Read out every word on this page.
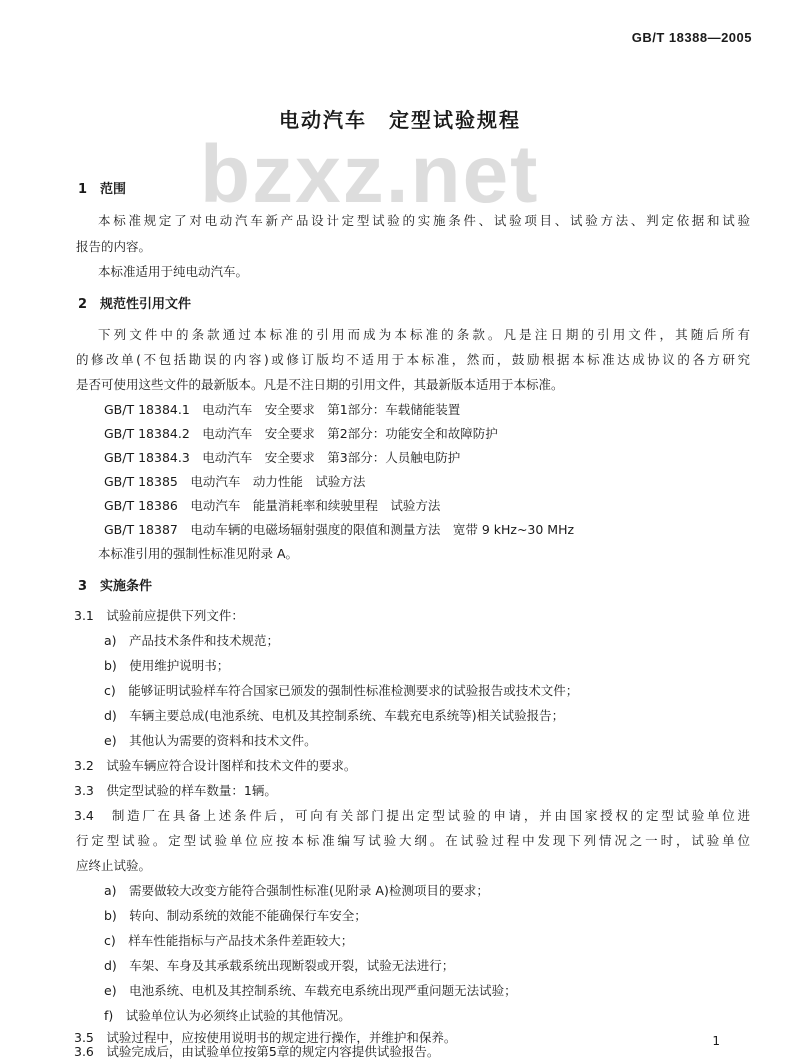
GB/T 18388—2005
电动汽车　定型试验规程
bzxz.net
1　范围
本标准规定了对电动汽车新产品设计定型试验的实施条件、试验项目、试验方法、判定依据和试验
报告的内容。
本标准适用于纯电动汽车。
2　规范性引用文件
下列文件中的条款通过本标准的引用而成为本标准的条款。凡是注日期的引用文件，其随后所有
的修改单(不包括勘误的内容)或修订版均不适用于本标准，然而，鼓励根据本标准达成协议的各方研究
是否可使用这些文件的最新版本。凡是不注日期的引用文件，其最新版本适用于本标准。
GB/T 18384.1　电动汽车　安全要求　第1部分：车载储能装置
GB/T 18384.2　电动汽车　安全要求　第2部分：功能安全和故障防护
GB/T 18384.3　电动汽车　安全要求　第3部分：人员触电防护
GB/T 18385　电动汽车　动力性能　试验方法
GB/T 18386　电动汽车　能量消耗率和续驶里程　试验方法
GB/T 18387　电动车辆的电磁场辐射强度的限值和测量方法　宽带 9 kHz~30 MHz
本标准引用的强制性标准见附录 A。
3　实施条件
3.1　试验前应提供下列文件：
a)　产品技术条件和技术规范；
b)　使用维护说明书；
c)　能够证明试验样车符合国家已颁发的强制性标准检测要求的试验报告或技术文件；
d)　车辆主要总成(电池系统、电机及其控制系统、车载充电系统等)相关试验报告；
e)　其他认为需要的资料和技术文件。
3.2　试验车辆应符合设计图样和技术文件的要求。
3.3　供定型试验的样车数量：1辆。
3.4　制造厂在具备上述条件后，可向有关部门提出定型试验的申请，并由国家授权的定型试验单位进
行定型试验。定型试验单位应按本标准编写试验大纲。在试验过程中发现下列情况之一时，试验单位
应终止试验。
a)　需要做较大改变方能符合强制性标准(见附录 A)检测项目的要求；
b)　转向、制动系统的效能不能确保行车安全；
c)　样车性能指标与产品技术条件差距较大；
d)　车架、车身及其承载系统出现断裂或开裂，试验无法进行；
e)　电池系统、电机及其控制系统、车载充电系统出现严重问题无法试验；
f)　试验单位认为必须终止试验的其他情况。
3.5　试验过程中，应按使用说明书的规定进行操作，并维护和保养。
3.6　试验完成后，由试验单位按第5章的规定内容提供试验报告。
1
